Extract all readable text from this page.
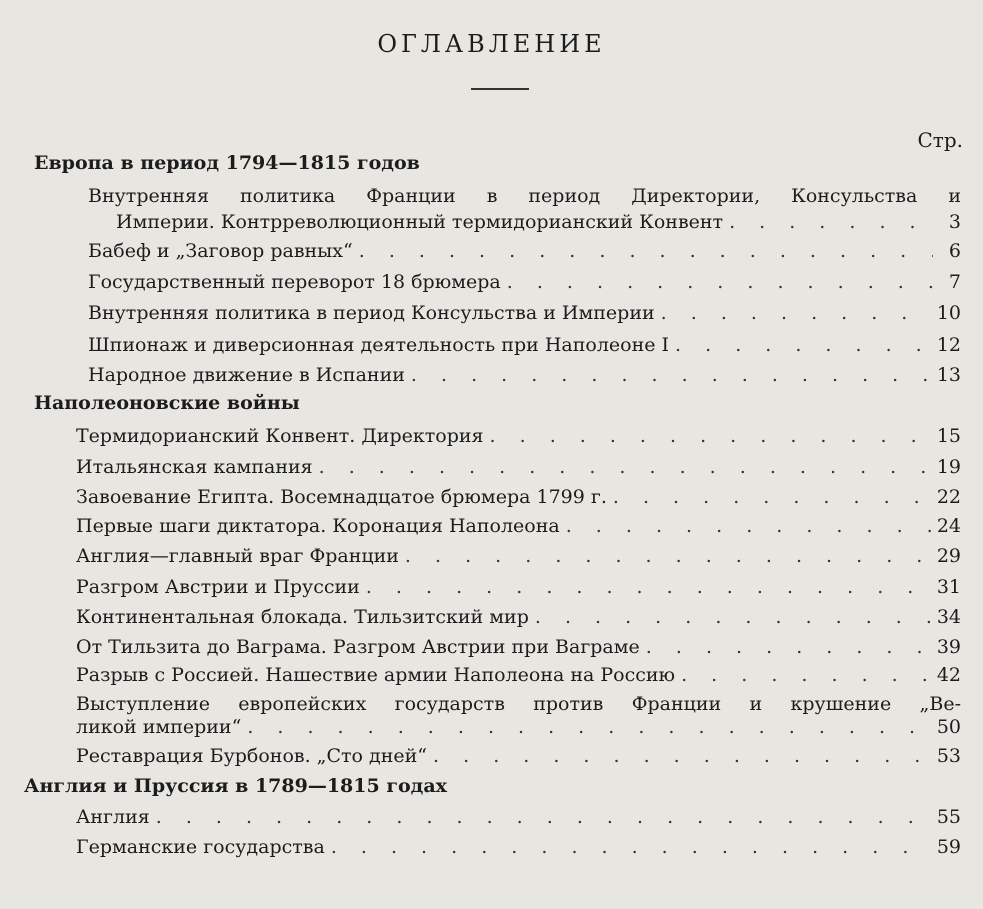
ОГЛАВЛЕНИЕ
Стр.
Европа в период 1794—1815 годов
Внутренняя политика Франции в период Директории, Консульства и
Империи. Контрреволюционный термидорианский Конвент . . .	3
Бабеф и „Заговор равных“ . . .	6
Государственный переворот 18 брюмера . . .	7
Внутренняя политика в период Консульства и Империи . . .	10
Шпионаж и диверсионная деятельность при Наполеоне I . . .	12
Народное движение в Испании . . .	13
Наполеоновские войны
Термидорианский Конвент. Директория . . .	15
Итальянская кампания . . .	19
Завоевание Египта. Восемнадцатое брюмера 1799 г. . . .	22
Первые шаги диктатора. Коронация Наполеона . . .	24
Англия—главный враг Франции . . .	29
Разгром Австрии и Пруссии . . .	31
Континентальная блокада. Тильзитский мир . . .	34
От Тильзита до Ваграма. Разгром Австрии при Ваграме . . .	39
Разрыв с Россией. Нашествие армии Наполеона на Россию . . .	42
Выступление европейских государств против Франции и крушение „Ве-
ликой империи“ . . .	50
Реставрация Бурбонов. „Сто дней“ . . .	53
Англия и Пруссия в 1789—1815 годах
Англия . . .	55
Германские государства . . .	59
